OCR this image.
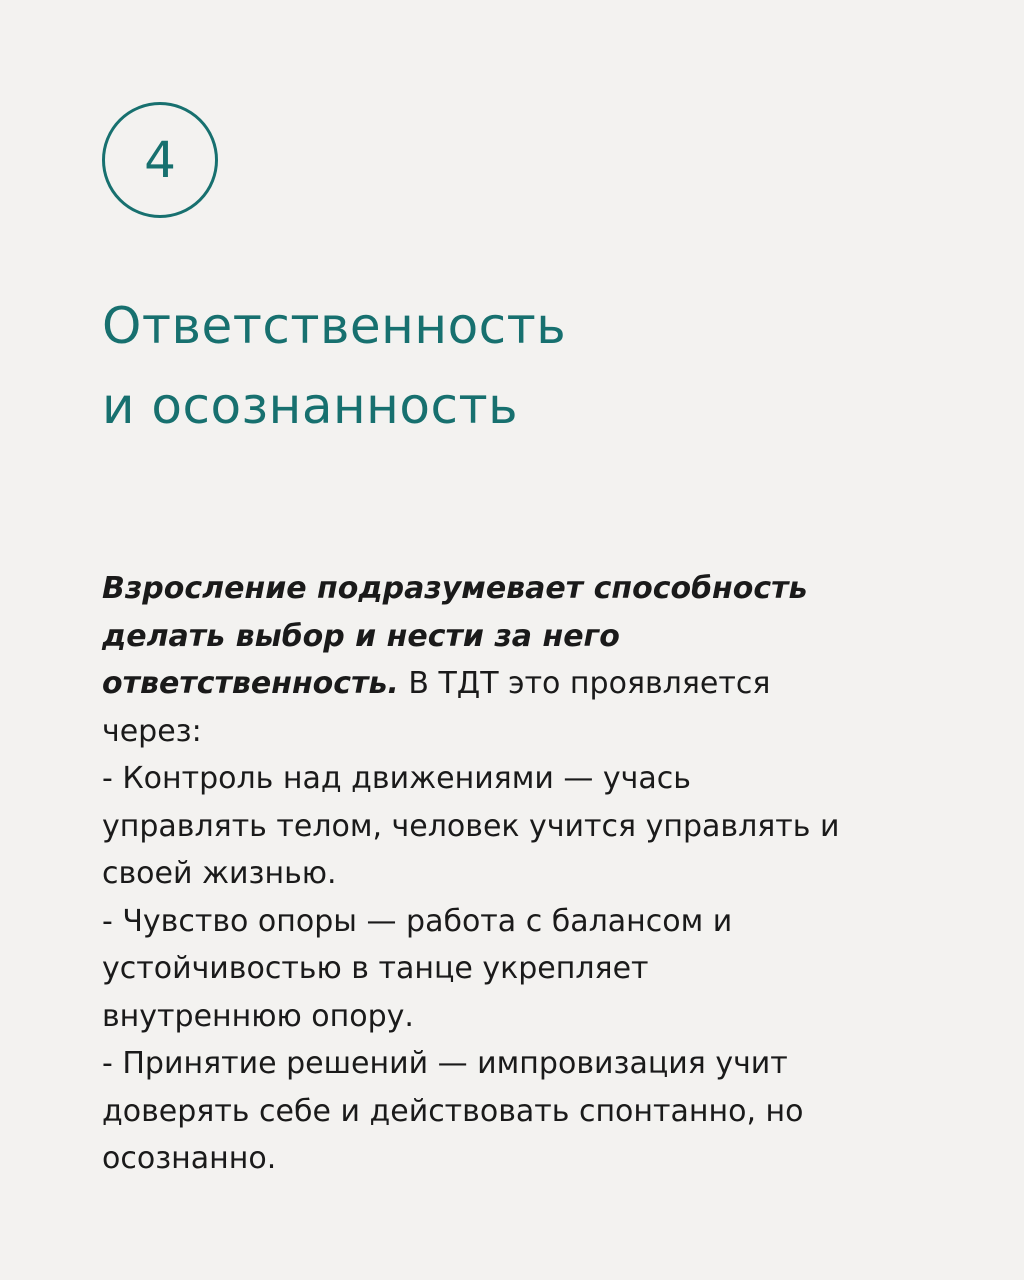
4
Ответственность
и осознанность
Взросление подразумевает способность
делать выбор и нести за него
ответственность. В ТДТ это проявляется
через:
- Контроль над движениями — учась
управлять телом, человек учится управлять и
своей жизнью.
- Чувство опоры — работа с балансом и
устойчивостью в танце укрепляет
внутреннюю опору.
- Принятие решений — импровизация учит
доверять себе и действовать спонтанно, но
осознанно.
